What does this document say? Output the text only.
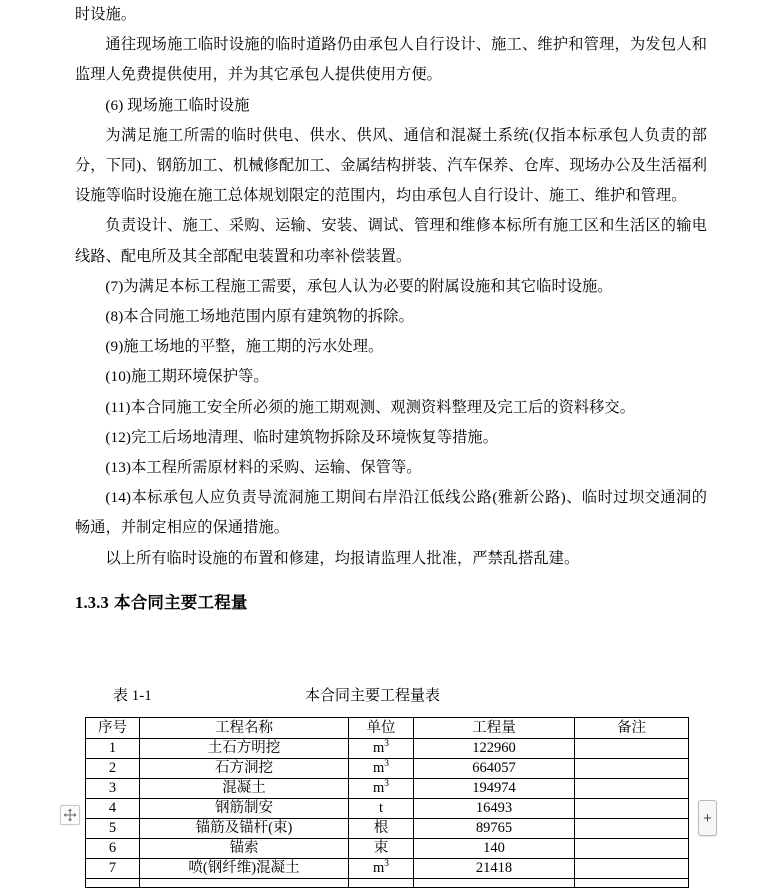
时设施。

通往现场施工临时设施的临时道路仍由承包人自行设计、施工、维护和管理，为发包人和监理人免费提供使用，并为其它承包人提供使用方便。

(6) 现场施工临时设施

为满足施工所需的临时供电、供水、供风、通信和混凝土系统(仅指本标承包人负责的部分，下同)、钢筋加工、机械修配加工、金属结构拼装、汽车保养、仓库、现场办公及生活福利设施等临时设施在施工总体规划限定的范围内，均由承包人自行设计、施工、维护和管理。

负责设计、施工、采购、运输、安装、调试、管理和维修本标所有施工区和生活区的输电线路、配电所及其全部配电装置和功率补偿装置。

(7)为满足本标工程施工需要，承包人认为必要的附属设施和其它临时设施。

(8)本合同施工场地范围内原有建筑物的拆除。

(9)施工场地的平整，施工期的污水处理。

(10)施工期环境保护等。

(11)本合同施工安全所必须的施工期观测、观测资料整理及完工后的资料移交。

(12)完工后场地清理、临时建筑物拆除及环境恢复等措施。

(13)本工程所需原材料的采购、运输、保管等。

(14)本标承包人应负责导流洞施工期间右岸沿江低线公路(雅新公路)、临时过坝交通洞的畅通，并制定相应的保通措施。

以上所有临时设施的布置和修建，均报请监理人批准，严禁乱搭乱建。

1.3.3 本合同主要工程量
表 1-1	本合同主要工程量表
序号	工程名称	单位	工程量	备注
1	土石方明挖	$m^3$	122960	
2	石方洞挖	$m^3$	664057	
3	混凝土	$m^3$	194974	
4	钢筋制安	t	16493	
5	锚筋及锚杆(束)	根	89765	
6	锚索	束	140	
7	喷(钢纤维)混凝土	$m^3$	21418	

+
